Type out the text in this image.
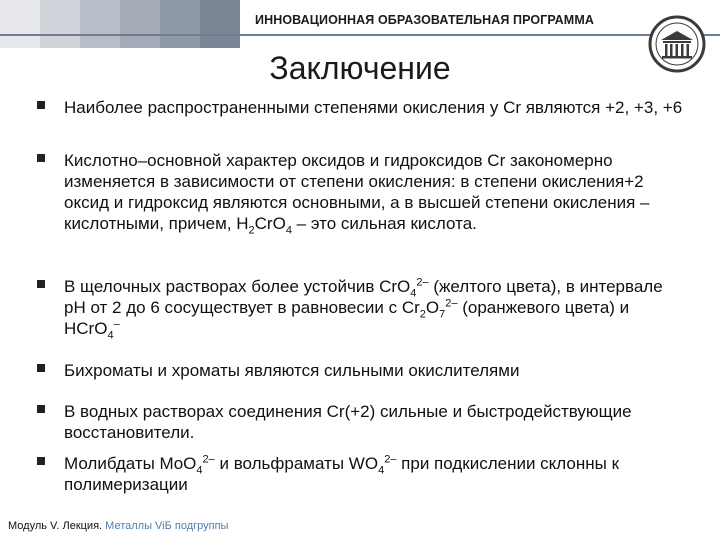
ИННОВАЦИОННАЯ ОБРАЗОВАТЕЛЬНАЯ ПРОГРАММА
Заключение
Наиболее распространенными степенями окисления у Cr являются +2, +3, +6
Кислотно–основной характер оксидов и гидроксидов Cr закономерно изменяется в зависимости от степени окисления: в степени окисления+2 оксид и гидроксид являются основными, а в высшей степени окисления – кислотными, причем, $H_2CrO_4$ – это сильная кислота.
В щелочных растворах более устойчив CrO$_4^{2-}$ (желтого цвета), в интервале pH от 2 до 6 сосуществует в равновесии с $Cr_2O_7^{2-}$ (оранжевого цвета) и HCrO$_4$–
Бихроматы и хроматы являются сильными окислителями
В водных растворах соединения Cr(+2) сильные и быстродействующие восстановители.
Молибдаты MoO$_4^{2-}$ и вольфраматы $WO_4^{2-}$ при подкислении склонны к полимеризации
Модуль V. Лекция. Металлы ViБ подгруппы
